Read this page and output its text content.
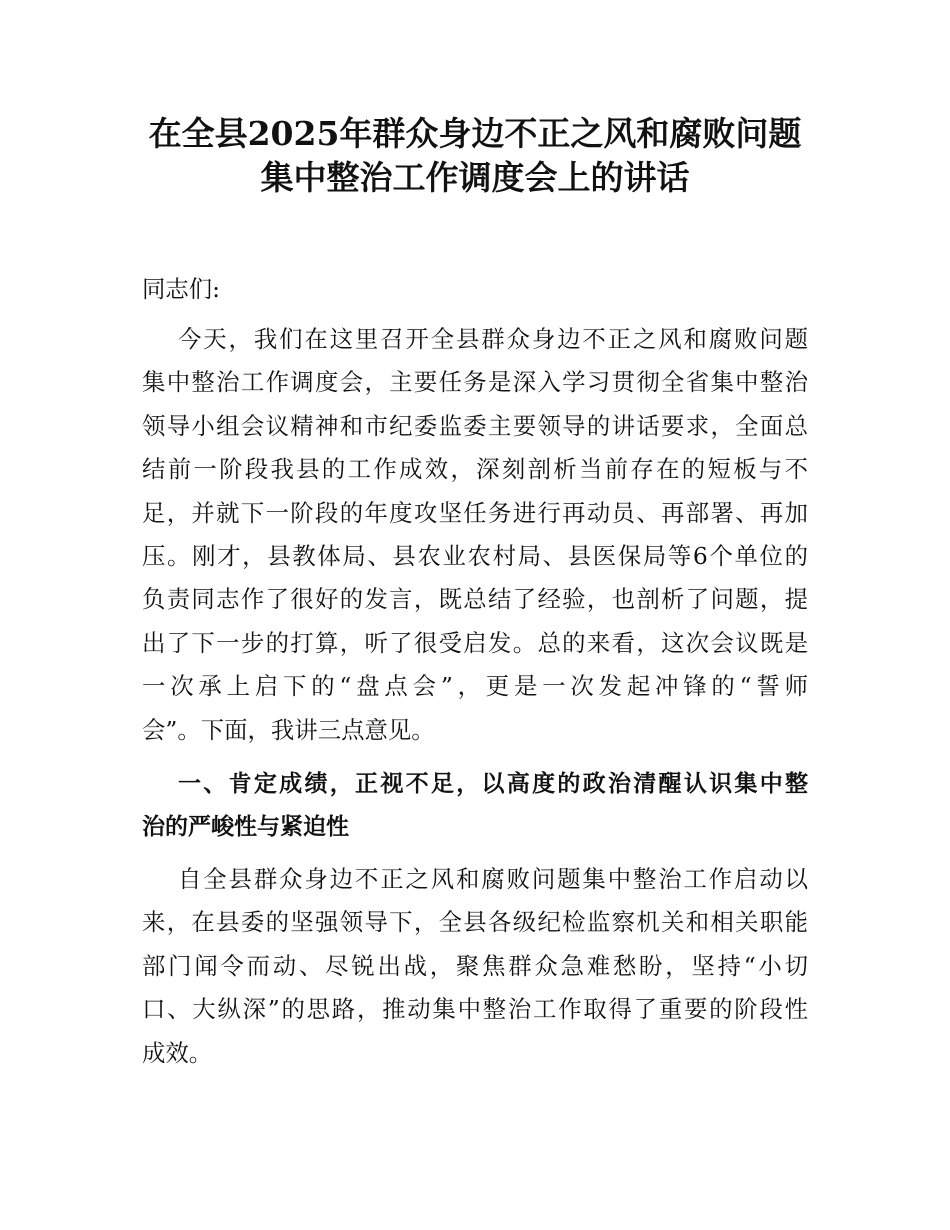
在全县2025年群众身边不正之风和腐败问题
集中整治工作调度会上的讲话
同志们:
今天，我们在这里召开全县群众身边不正之风和腐败问题
集中整治工作调度会，主要任务是深入学习贯彻全省集中整治
领导小组会议精神和市纪委监委主要领导的讲话要求，全面总
结前一阶段我县的工作成效，深刻剖析当前存在的短板与不
足，并就下一阶段的年度攻坚任务进行再动员、再部署、再加
压。刚才，县教体局、县农业农村局、县医保局等6个单位的
负责同志作了很好的发言，既总结了经验，也剖析了问题，提
出了下一步的打算，听了很受启发。总的来看，这次会议既是
一次承上启下的“盘点会”，更是一次发起冲锋的“誓师
会”。下面，我讲三点意见。
一、肯定成绩，正视不足，以高度的政治清醒认识集中整
治的严峻性与紧迫性
自全县群众身边不正之风和腐败问题集中整治工作启动以
来，在县委的坚强领导下，全县各级纪检监察机关和相关职能
部门闻令而动、尽锐出战，聚焦群众急难愁盼，坚持“小切
口、大纵深”的思路，推动集中整治工作取得了重要的阶段性
成效。
